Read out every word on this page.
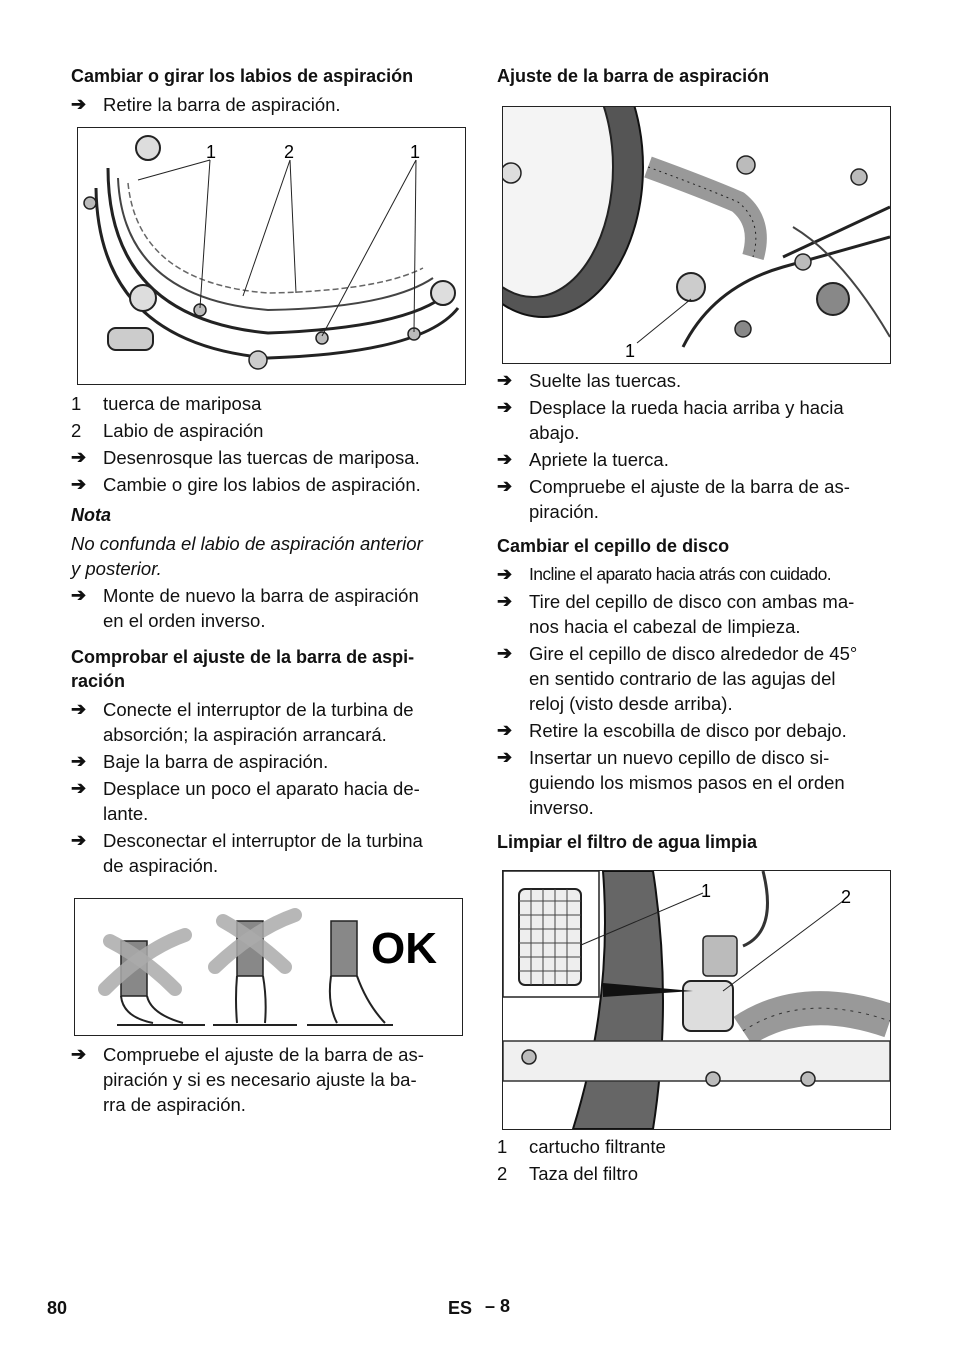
Cambiar o girar los labios de aspiración
➔ Retire la barra de aspiración.
1	2	1
1	tuerca de mariposa
2	Labio de aspiración
➔ Desenrosque las tuercas de mariposa.
➔ Cambie o gire los labios de aspiración.
Nota
No confunda el labio de aspiración anterior
y posterior.
➔ Monte de nuevo la barra de aspiración
en el orden inverso.
Comprobar el ajuste de la barra de aspi-
ración
➔ Conecte el interruptor de la turbina de
absorción; la aspiración arrancará.
➔ Baje la barra de aspiración.
➔ Desplace un poco el aparato hacia de-
lante.
➔ Desconectar el interruptor de la turbina
de aspiración.
OK
➔ Compruebe el ajuste de la barra de as-
piración y si es necesario ajuste la ba-
rra de aspiración.
Ajuste de la barra de aspiración
1
➔ Suelte las tuercas.
➔ Desplace la rueda hacia arriba y hacia
abajo.
➔ Apriete la tuerca.
➔ Compruebe el ajuste de la barra de as-
piración.
Cambiar el cepillo de disco
➔ Incline el aparato hacia atrás con cuidado.
➔ Tire del cepillo de disco con ambas ma-
nos hacia el cabezal de limpieza.
➔ Gire el cepillo de disco alrededor de 45°
en sentido contrario de las agujas del
reloj (visto desde arriba).
➔ Retire la escobilla de disco por debajo.
➔ Insertar un nuevo cepillo de disco si-
guiendo los mismos pasos en el orden
inverso.
Limpiar el filtro de agua limpia
1	2
1	cartucho filtrante
2	Taza del filtro
80	ES – 8
